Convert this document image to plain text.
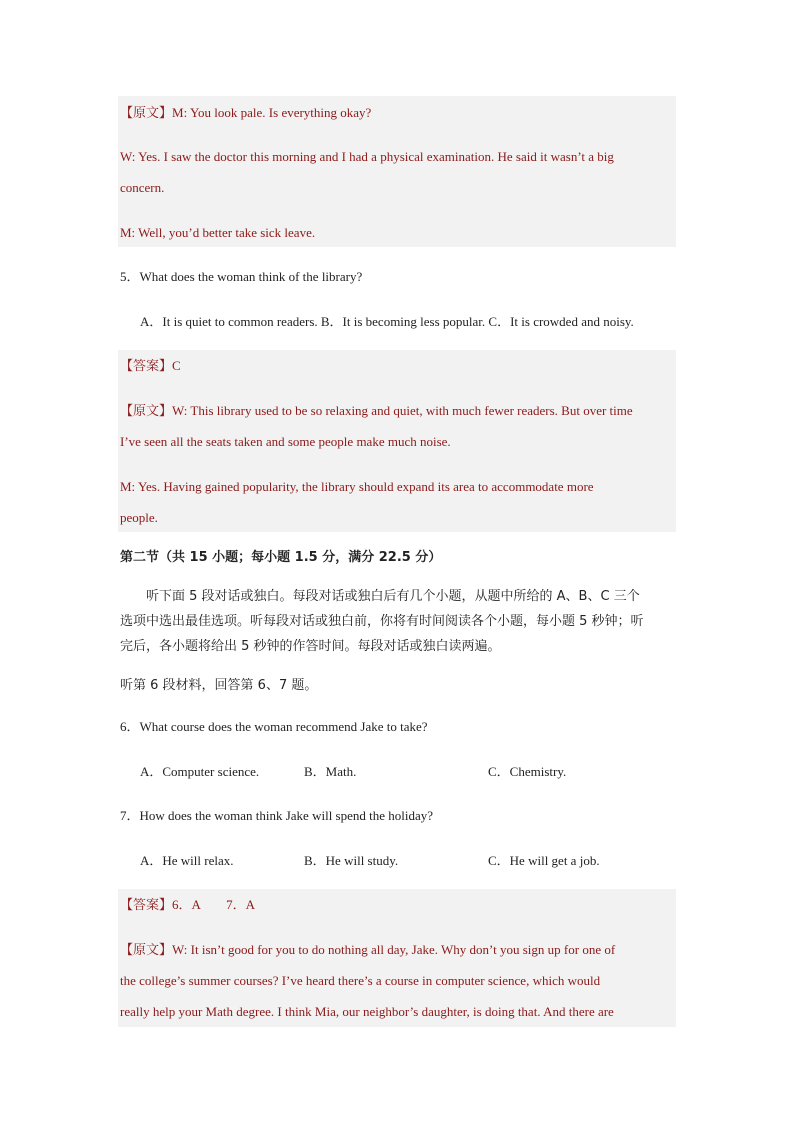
【原文】M: You look pale. Is everything okay?
W: Yes. I saw the doctor this morning and I had a physical examination. He said it wasn’t a big
concern.
M: Well, you’d better take sick leave.
5．What does the woman think of the library?
A．It is quiet to common readers. B．It is becoming less popular. C．It is crowded and noisy.
【答案】C
【原文】W: This library used to be so relaxing and quiet, with much fewer readers. But over time
I’ve seen all the seats taken and some people make much noise.
M: Yes. Having gained popularity, the library should expand its area to accommodate more
people.
第二节（共 15 小题；每小题 1.5 分，满分 22.5 分）
听下面 5 段对话或独白。每段对话或独白后有几个小题，从题中所给的 A、B、C 三个
选项中选出最佳选项。听每段对话或独白前，你将有时间阅读各个小题，每小题 5 秒钟；听
完后，各小题将给出 5 秒钟的作答时间。每段对话或独白读两遍。
听第 6 段材料，回答第 6、7 题。
6．What course does the woman recommend Jake to take?
A．Computer science.	B．Math.	C．Chemistry.
7．How does the woman think Jake will spend the holiday?
A．He will relax.	B．He will study.	C．He will get a job.
【答案】6．A　　7．A
【原文】W: It isn’t good for you to do nothing all day, Jake. Why don’t you sign up for one of
the college’s summer courses? I’ve heard there’s a course in computer science, which would
really help your Math degree. I think Mia, our neighbor’s daughter, is doing that. And there are
